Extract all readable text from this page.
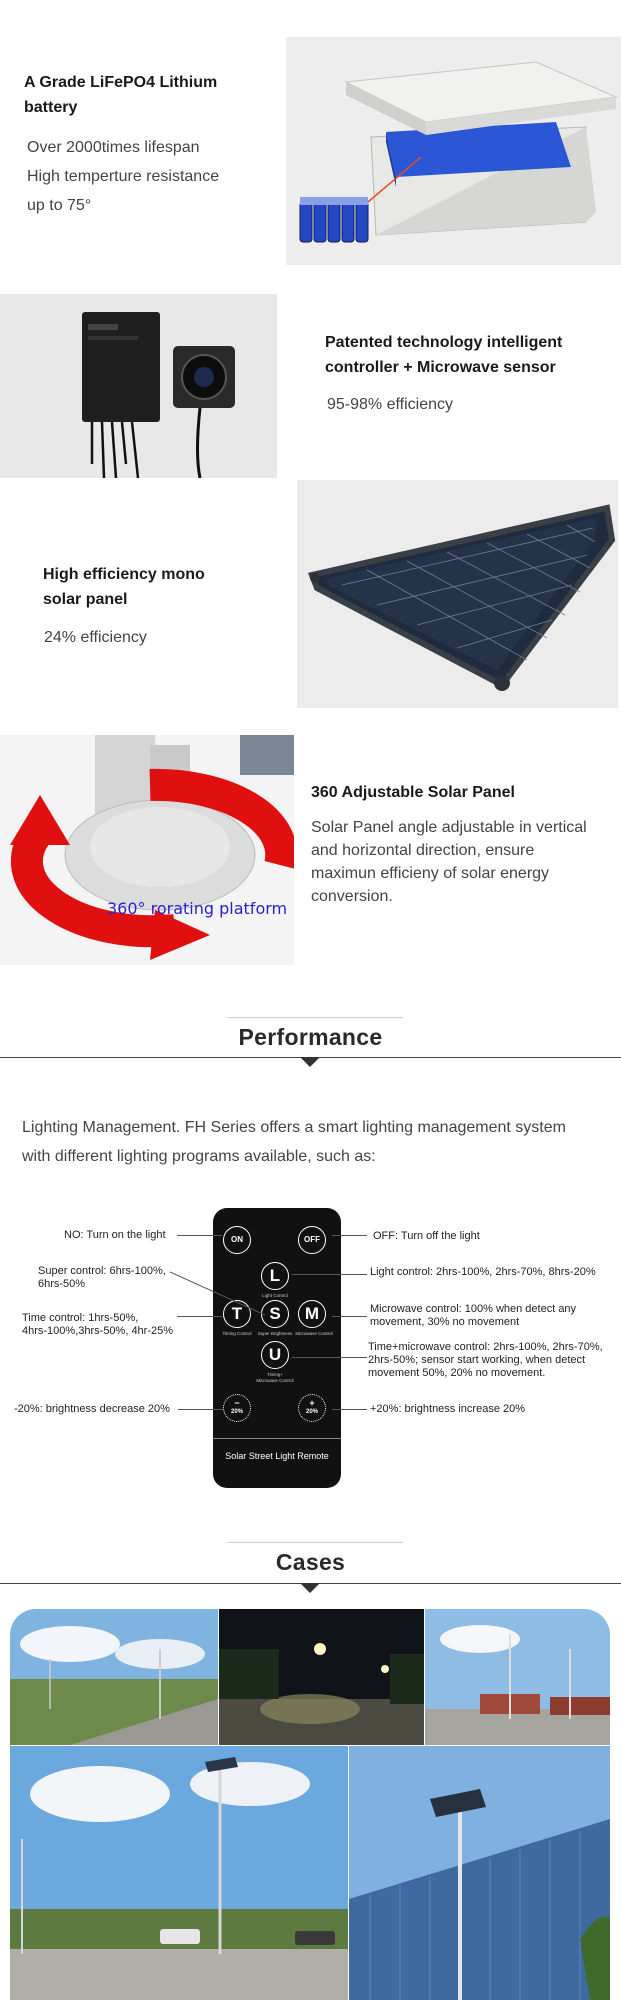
A Grade LiFePO4 Lithium battery
Over 2000times lifespan
High temperture resistance
up to 75°
Patented technology intelligent
controller + Microwave sensor
95-98% efficiency
High efficiency mono
solar panel
24% efficiency
360° rorating platform
360 Adjustable Solar Panel
Solar Panel angle adjustable in vertical
and horizontal direction, ensure
maximun efficieny of solar energy
conversion.
Performance
Lighting Management. FH Series offers a smart lighting management system
with different lighting programs available, such as:
ON	OFF
L
Light Control
T	S	M
Timing Control	Super Brightness Microwave Control
U
Timing+
Microwave Control
−
20%
+
20%
Solar Street Light Remote
NO: Turn on the light
Super control: 6hrs-100%,
6hrs-50%
Time control: 1hrs-50%,
4hrs-100%,3hrs-50%, 4hr-25%
-20%: brightness decrease 20%
OFF: Turn off the light
Light control: 2hrs-100%, 2hrs-70%, 8hrs-20%
Microwave control: 100% when detect any
movement, 30% no movement
Time+microwave control: 2hrs-100%, 2hrs-70%,
2hrs-50%; sensor start working, when detect
movement 50%, 20% no movement.
+20%: brightness increase 20%
Cases
